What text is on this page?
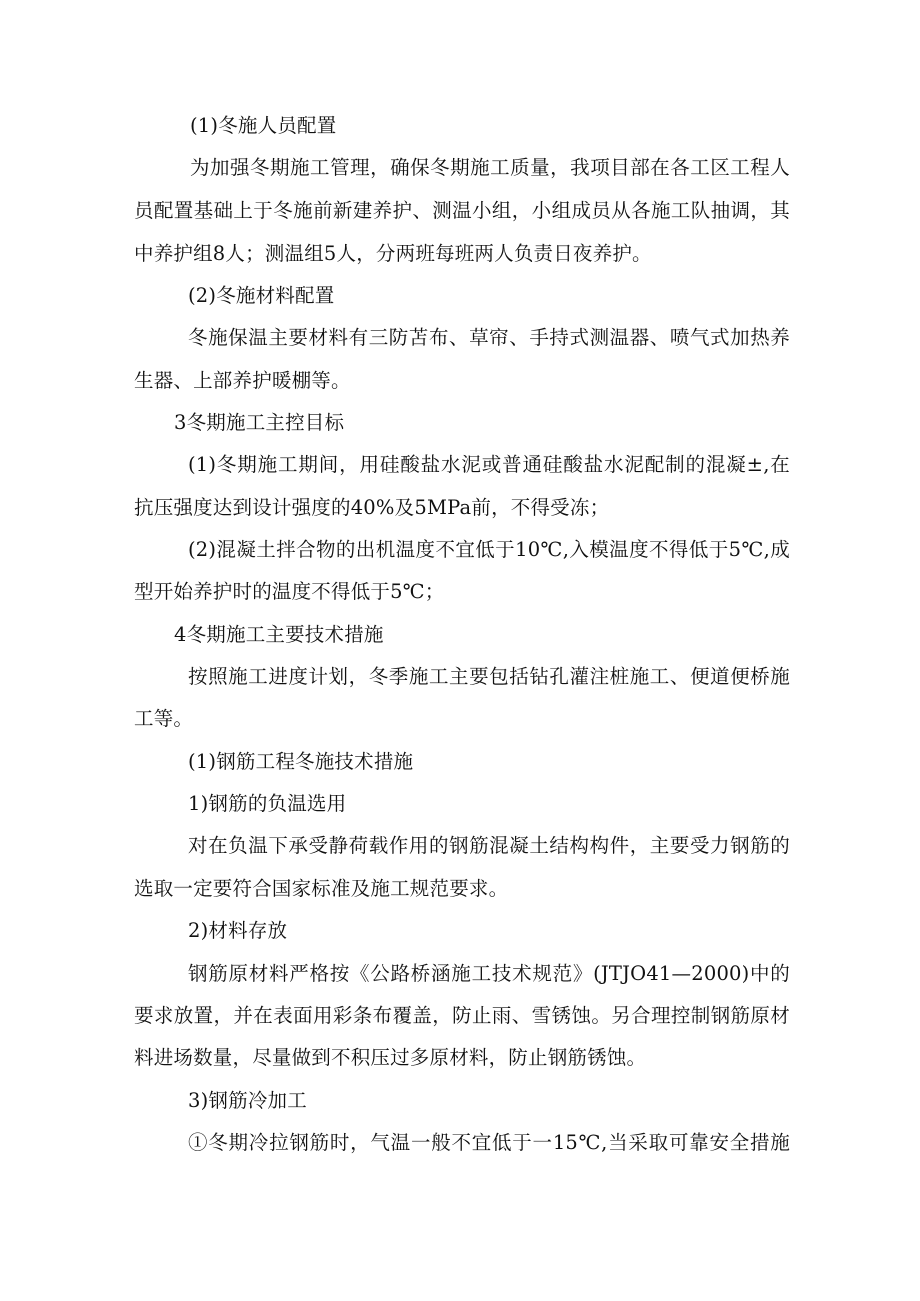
(1)冬施人员配置

为加强冬期施工管理，确保冬期施工质量，我项目部在各工区工程人

员配置基础上于冬施前新建养护、测温小组，小组成员从各施工队抽调，其

中养护组8人；测温组5人，分两班每班两人负责日夜养护。

(2)冬施材料配置

冬施保温主要材料有三防苫布、草帘、手持式测温器、喷气式加热养

生器、上部养护暖棚等。

3冬期施工主控目标

(1)冬期施工期间，用硅酸盐水泥或普通硅酸盐水泥配制的混凝±,在

抗压强度达到设计强度的40%及5MPa前，不得受冻；

(2)混凝土拌合物的出机温度不宜低于10℃,入模温度不得低于5℃,成

型开始养护时的温度不得低于5℃；

4冬期施工主要技术措施

按照施工进度计划，冬季施工主要包括钻孔灌注桩施工、便道便桥施

工等。

(1)钢筋工程冬施技术措施

1)钢筋的负温选用

对在负温下承受静荷载作用的钢筋混凝土结构构件，主要受力钢筋的

选取一定要符合国家标准及施工规范要求。

2)材料存放

钢筋原材料严格按《公路桥涵施工技术规范》(JTJO41—2000)中的

要求放置，并在表面用彩条布覆盖，防止雨、雪锈蚀。另合理控制钢筋原材

料进场数量，尽量做到不积压过多原材料，防止钢筋锈蚀。

3)钢筋冷加工

①冬期冷拉钢筋时，气温一般不宜低于一15℃,当采取可靠安全措施
